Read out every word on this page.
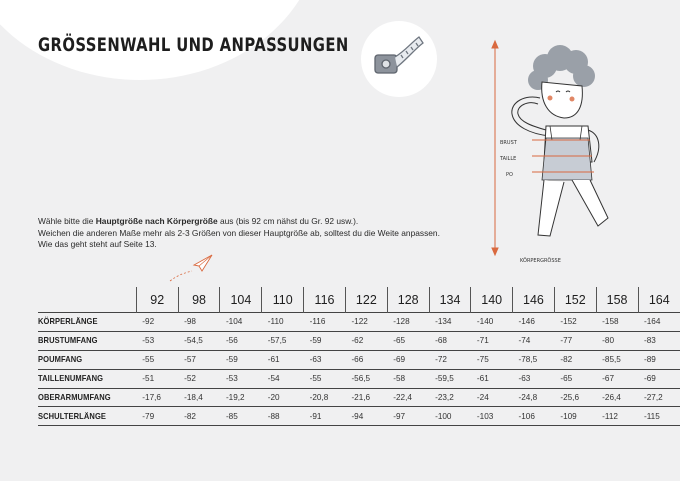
GRÖSSENWAHL UND ANPASSUNGEN
BRUST
TAILLE
PO
KÖRPERGRÖSSE

Wähle bitte die Hauptgröße nach Körpergröße aus (bis 92 cm nähst du Gr. 92 usw.).

Weichen die anderen Maße mehr als 2-3 Größen von dieser Hauptgröße ab, solltest du die Weite anpassen.

Wie das geht steht auf Seite 13.

	92	98	104	110	116	122	128	134	140	146	152	158	164
KÖRPERLÄNGE	-92	-98	-104	-110	-116	-122	-128	-134	-140	-146	-152	-158	-164
BRUSTUMFANG	-53	-54,5	-56	-57,5	-59	-62	-65	-68	-71	-74	-77	-80	-83
POUMFANG	-55	-57	-59	-61	-63	-66	-69	-72	-75	-78,5	-82	-85,5	-89
TAILLENUMFANG	-51	-52	-53	-54	-55	-56,5	-58	-59,5	-61	-63	-65	-67	-69
OBERARMUMFANG	-17,6	-18,4	-19,2	-20	-20,8	-21,6	-22,4	-23,2	-24	-24,8	-25,6	-26,4	-27,2
SCHULTERLÄNGE	-79	-82	-85	-88	-91	-94	-97	-100	-103	-106	-109	-112	-115
